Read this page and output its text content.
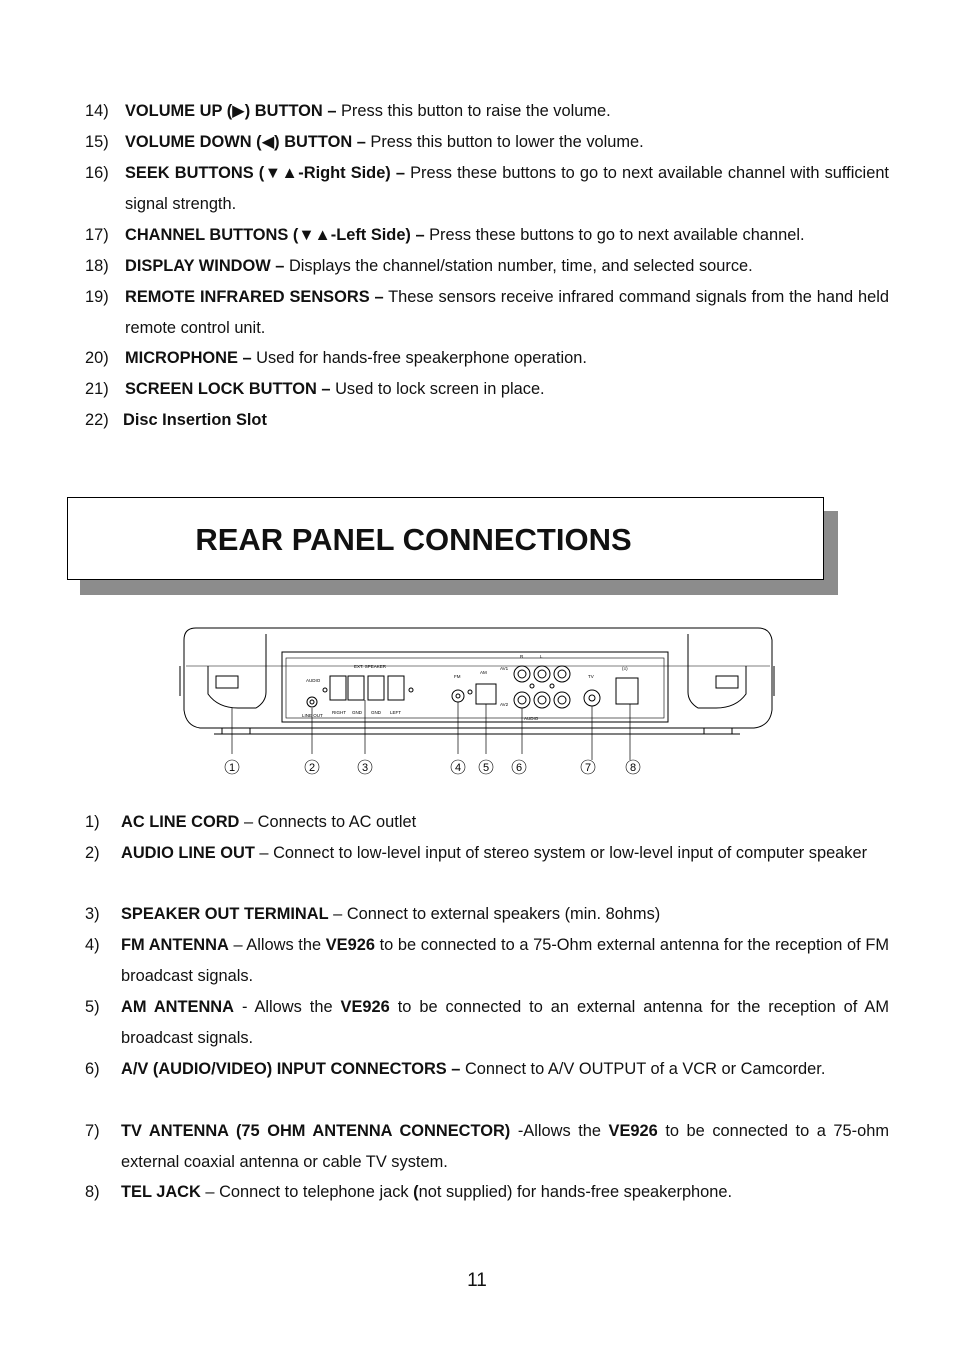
14) VOLUME UP (▶) BUTTON – Press this button to raise the volume.
15) VOLUME DOWN (◀) BUTTON – Press this button to lower the volume.
16) SEEK BUTTONS (▼▲-Right Side) – Press these buttons to go to next available channel with sufficient signal strength.
17) CHANNEL BUTTONS (▼▲-Left Side) – Press these buttons to go to next available channel.
18) DISPLAY WINDOW – Displays the channel/station number, time, and selected source.
19) REMOTE INFRARED SENSORS – These sensors receive infrared command signals from the hand held remote control unit.
20) MICROPHONE – Used for hands-free speakerphone operation.
21) SCREEN LOCK BUTTON – Used to lock screen in place.
22) Disc Insertion Slot
REAR PANEL CONNECTIONS
EXT. SPEAKER
AUDIO
LINE OUT
RIGHT GND GND LEFT
FM
AM
AV1
AV2
R	L
AUDIO
TV
(≡)
1	2	3	4 5 6	7	8
1) AC LINE CORD – Connects to AC outlet
2) AUDIO LINE OUT – Connect to low-level input of stereo system or low-level input of computer speaker
3) SPEAKER OUT TERMINAL – Connect to external speakers (min. 8ohms)
4) FM ANTENNA – Allows the VE926 to be connected to a 75-Ohm external antenna for the reception of FM broadcast signals.
5) AM ANTENNA - Allows the VE926 to be connected to an external antenna for the reception of AM broadcast signals.
6) A/V (AUDIO/VIDEO) INPUT CONNECTORS – Connect to A/V OUTPUT of a VCR or Camcorder.
7) TV ANTENNA (75 OHM ANTENNA CONNECTOR) -Allows the VE926 to be connected to a 75-ohm external coaxial antenna or cable TV system.
8) TEL JACK – Connect to telephone jack (not supplied) for hands-free speakerphone.
11
